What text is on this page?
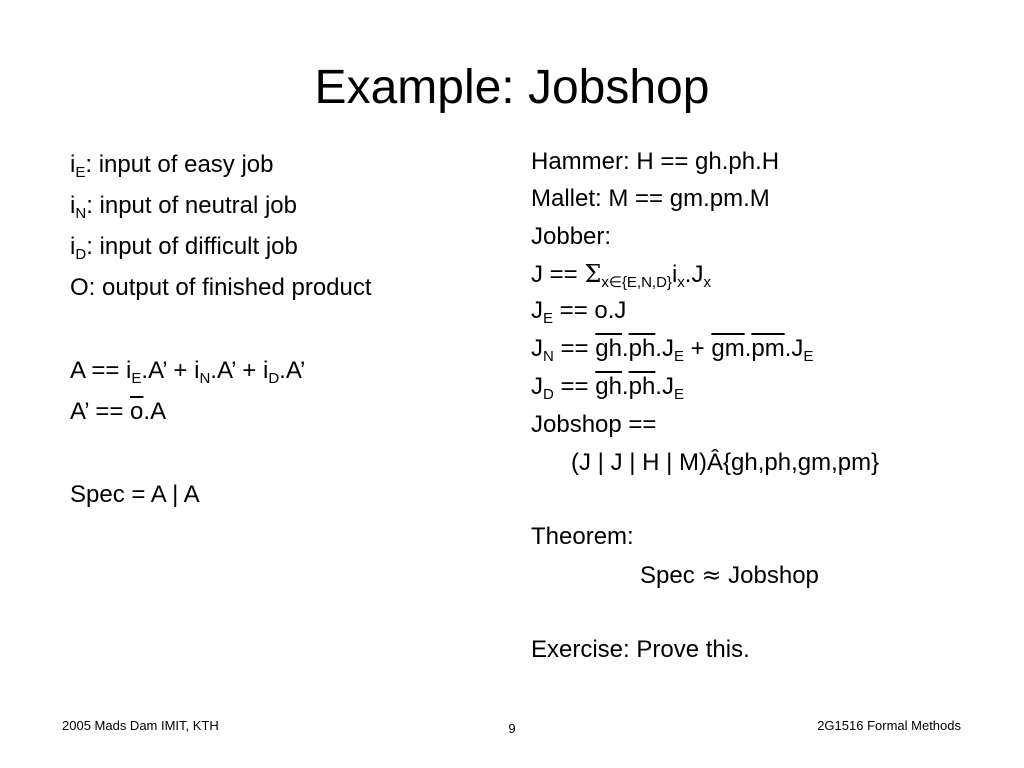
Example: Jobshop
$i_E$: input of easy job
$i_N$: input of neutral job
$i_D$: input of difficult job
O: output of finished product
$A == i_E.A$’ + $i_N.A$’ + $i_D.A$’
A’ == $\overline{o}.A$
Spec = A | A
Hammer: H == gh.ph.H
Mallet: M == gm.pm.M
Jobber:
$J == \Sigma_{x\in\{E,N,D\}}i_x.J_x$
$J_E == o.J$
$J_N == \overline{gh}.\overline{ph}.J_E + \overline{gm}.\overline{pm}.J_E$
$J_D == \overline{gh}.\overline{ph}.J_E$
Jobshop ==
(J | J | H | M)Â{gh,ph,gm,pm}
Theorem:
Spec ≈ Jobshop
Exercise: Prove this.
2005 Mads Dam IMIT, KTH	9	2G1516 Formal Methods
